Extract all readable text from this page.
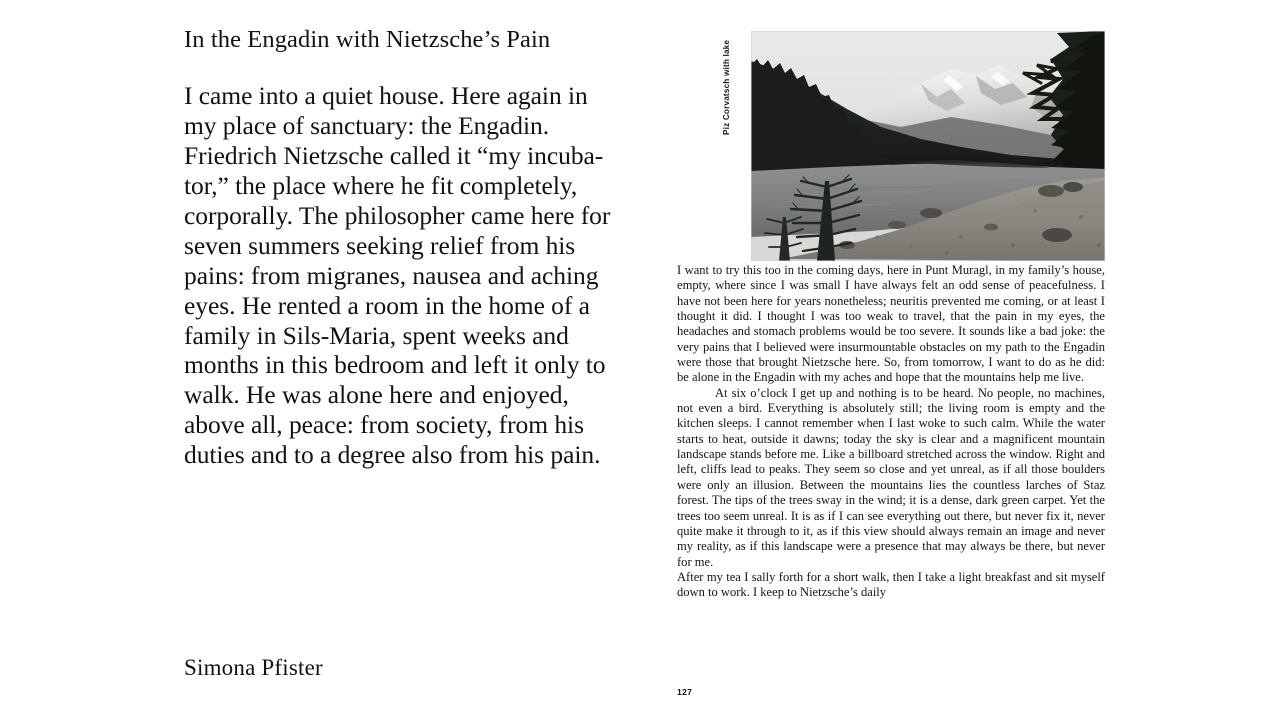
In the Engadin with Nietzsche’s Pain

I came into a quiet house. Here again in my place of sanctuary: the Engadin. Friedrich Nietzsche called it “my incubator,” the place where he fit completely, corporally. The philosopher came here for seven summers seeking relief from his pains: from migranes, nausea and aching eyes. He rented a room in the home of a family in Sils-Maria, spent weeks and months in this bedroom and left it only to walk. He was alone here and enjoyed, above all, peace: from society, from his duties and to a degree also from his pain.

Simona Pfister
Piz Corvatsch with lake

I want to try this too in the coming days, here in Punt Muragl, in my family’s house, empty, where since I was small I have always felt an odd sense of peacefulness. I have not been here for years nonetheless; neuritis prevented me coming, or at least I thought it did. I thought I was too weak to travel, that the pain in my eyes, the headaches and stomach problems would be too severe. It sounds like a bad joke: the very pains that I believed were insurmountable obstacles on my path to the Engadin were those that brought Nietzsche here. So, from tomorrow, I want to do as he did: be alone in the Engadin with my aches and hope that the mountains help me live.

At six o’clock I get up and nothing is to be heard. No people, no machines, not even a bird. Everything is absolutely still; the living room is empty and the kitchen sleeps. I cannot remember when I last woke to such calm. While the water starts to heat, outside it dawns; today the sky is clear and a magnificent mountain landscape stands before me. Like a billboard stretched across the window. Right and left, cliffs lead to peaks. They seem so close and yet unreal, as if all those boulders were only an illusion. Between the mountains lies the countless larches of Staz forest. The tips of the trees sway in the wind; it is a dense, dark green carpet. Yet the trees too seem unreal. It is as if I can see everything out there, but never fix it, never quite make it through to it, as if this view should always remain an image and never my reality, as if this landscape were a presence that may always be there, but never for me.

After my tea I sally forth for a short walk, then I take a light breakfast and sit myself down to work. I keep to Nietzsche’s daily

127
